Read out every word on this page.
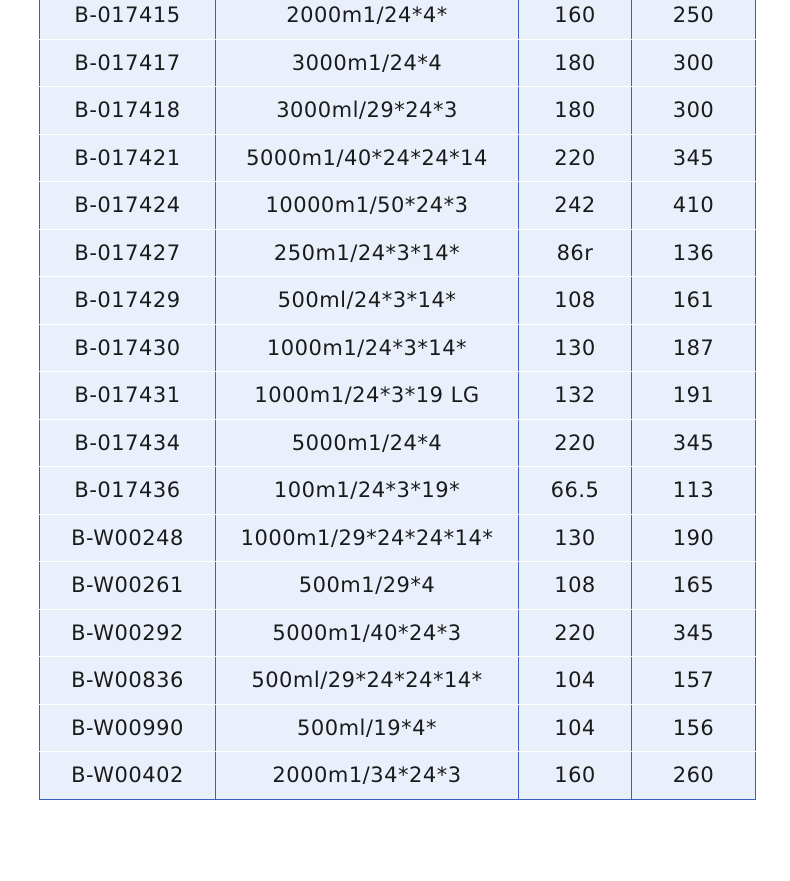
B-017415	2000m1/24*4*	160	250
B-017417	3000m1/24*4	180	300
B-017418	3000ml/29*24*3	180	300
B-017421	5000m1/40*24*24*14	220	345
B-017424	10000m1/50*24*3	242	410
B-017427	250m1/24*3*14*	86r	136
B-017429	500ml/24*3*14*	108	161
B-017430	1000m1/24*3*14*	130	187
B-017431	1000m1/24*3*19 LG	132	191
B-017434	5000m1/24*4	220	345
B-017436	100m1/24*3*19*	66.5	113
B-W00248	1000m1/29*24*24*14*	130	190
B-W00261	500m1/29*4	108	165
B-W00292	5000m1/40*24*3	220	345
B-W00836	500ml/29*24*24*14*	104	157
B-W00990	500ml/19*4*	104	156
B-W00402	2000m1/34*24*3	160	260
